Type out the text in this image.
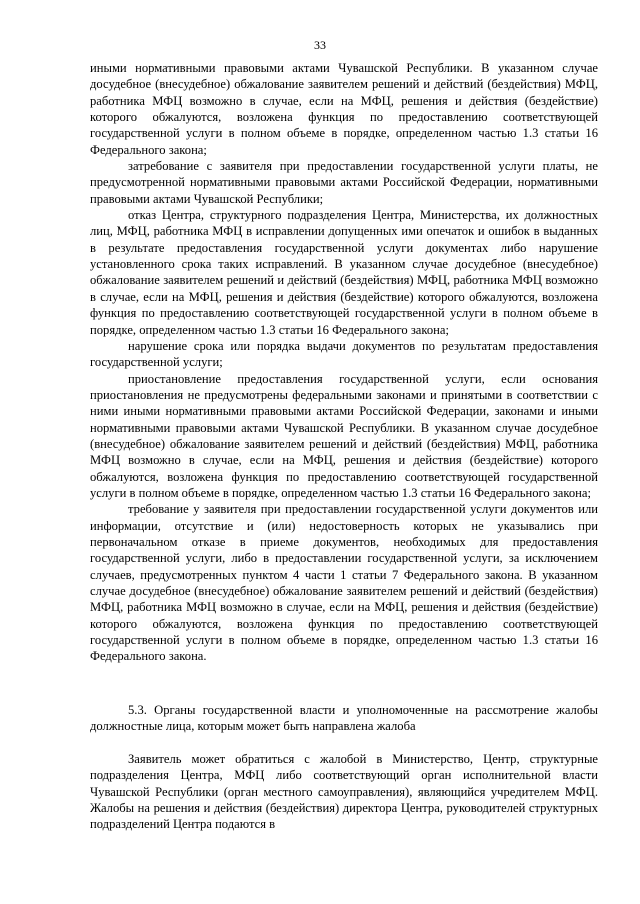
33

иными нормативными правовыми актами Чувашской Республики. В указанном случае досудебное (внесудебное) обжалование заявителем решений и действий (бездействия) МФЦ, работника МФЦ возможно в случае, если на МФЦ, решения и действия (бездействие) которого обжалуются, возложена функция по предоставлению соответствующей государственной услуги в полном объеме в порядке, определенном частью 1.3 статьи 16 Федерального закона;

затребование с заявителя при предоставлении государственной услуги платы, не предусмотренной нормативными правовыми актами Российской Федерации, нормативными правовыми актами Чувашской Республики;

отказ Центра, структурного подразделения Центра, Министерства, их должностных лиц, МФЦ, работника МФЦ в исправлении допущенных ими опечаток и ошибок в выданных в результате предоставления государственной услуги документах либо нарушение установленного срока таких исправлений. В указанном случае досудебное (внесудебное) обжалование заявителем решений и действий (бездействия) МФЦ, работника МФЦ возможно в случае, если на МФЦ, решения и действия (бездействие) которого обжалуются, возложена функция по предоставлению соответствующей государственной услуги в полном объеме в порядке, определенном частью 1.3 статьи 16 Федерального закона;

нарушение срока или порядка выдачи документов по результатам предоставления государственной услуги;

приостановление предоставления государственной услуги, если основания приостановления не предусмотрены федеральными законами и принятыми в соответствии с ними иными нормативными правовыми актами Российской Федерации, законами и иными нормативными правовыми актами Чувашской Республики. В указанном случае досудебное (внесудебное) обжалование заявителем решений и действий (бездействия) МФЦ, работника МФЦ возможно в случае, если на МФЦ, решения и действия (бездействие) которого обжалуются, возложена функция по предоставлению соответствующей государственной услуги в полном объеме в порядке, определенном частью 1.3 статьи 16 Федерального закона;

требование у заявителя при предоставлении государственной услуги документов или информации, отсутствие и (или) недостоверность которых не указывались при первоначальном отказе в приеме документов, необходимых для предоставления государственной услуги, либо в предоставлении государственной услуги, за исключением случаев, предусмотренных пунктом 4 части 1 статьи 7 Федерального закона. В указанном случае досудебное (внесудебное) обжалование заявителем решений и действий (бездействия) МФЦ, работника МФЦ возможно в случае, если на МФЦ, решения и действия (бездействие) которого обжалуются, возложена функция по предоставлению соответствующей государственной услуги в полном объеме в порядке, определенном частью 1.3 статьи 16 Федерального закона.

5.3. Органы государственной власти и уполномоченные на рассмотрение жалобы должностные лица, которым может быть направлена жалоба

Заявитель может обратиться с жалобой в Министерство, Центр, структурные подразделения Центра, МФЦ либо соответствующий орган исполнительной власти Чувашской Республики (орган местного самоуправления), являющийся учредителем МФЦ. Жалобы на решения и действия (бездействия) директора Центра, руководителей структурных подразделений Центра подаются в
